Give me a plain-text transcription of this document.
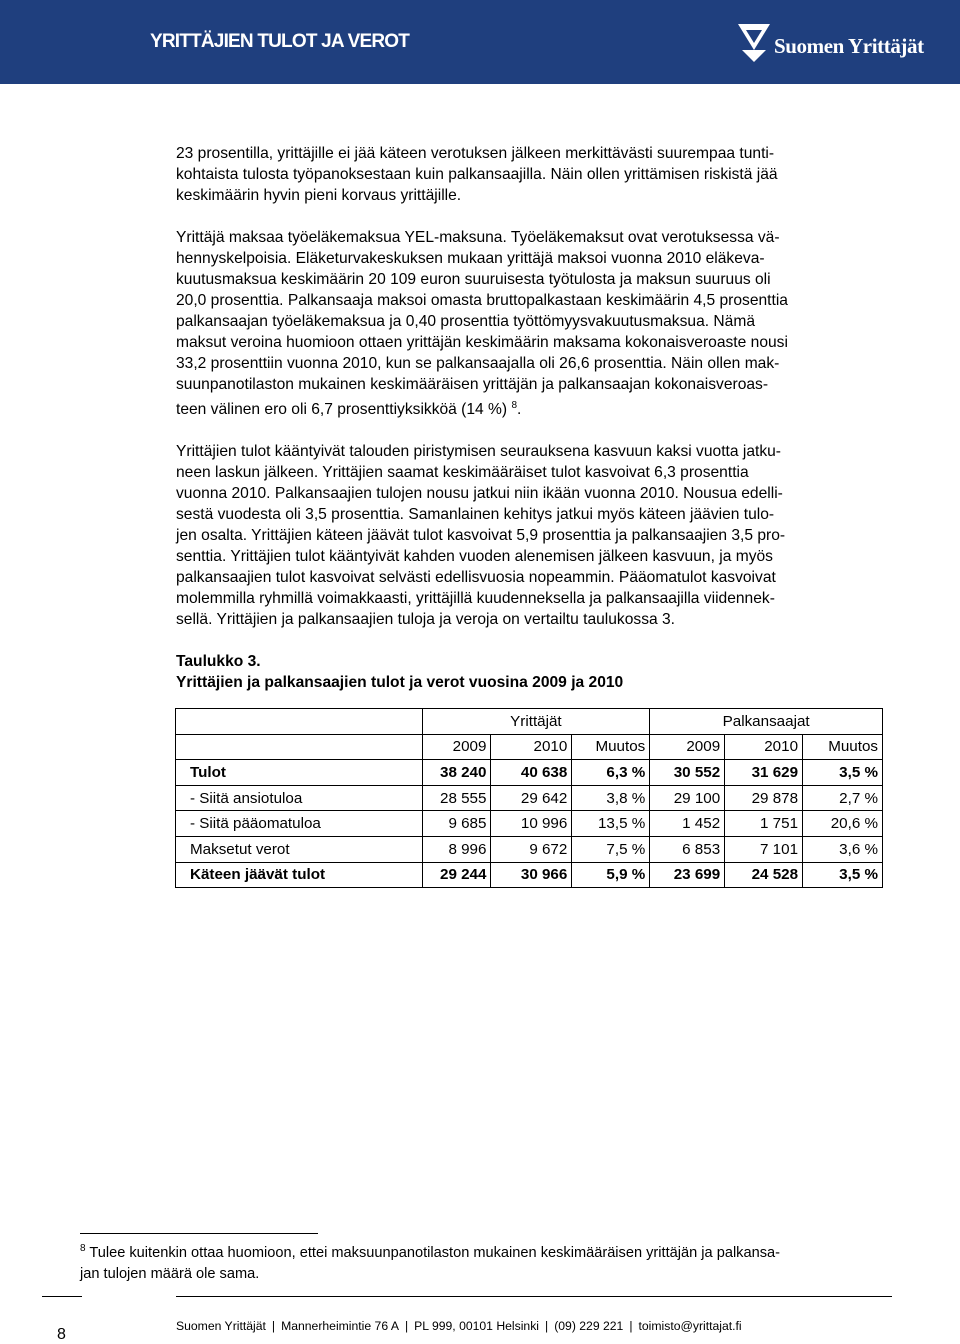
YRITTÄJIEN TULOT JA VEROT	Suomen Yrittäjät

23 prosentilla, yrittäjille ei jää käteen verotuksen jälkeen merkittävästi suurempaa tunti-
kohtaista tulosta työpanoksestaan kuin palkansaajilla. Näin ollen yrittämisen riskistä jää
keskimäärin hyvin pieni korvaus yrittäjille.

Yrittäjä maksaa työeläkemaksua YEL-maksuna. Työeläkemaksut ovat verotuksessa vä-
hennyskelpoisia. Eläketurvakeskuksen mukaan yrittäjä maksoi vuonna 2010 eläkeva-
kuutusmaksua keskimäärin 20 109 euron suuruisesta työtulosta ja maksun suuruus oli
20,0 prosenttia. Palkansaaja maksoi omasta bruttopalkastaan keskimäärin 4,5 prosenttia
palkansaajan työeläkemaksua ja 0,40 prosenttia työttömyysvakuutusmaksua. Nämä
maksut veroina huomioon ottaen yrittäjän keskimäärin maksama kokonaisveroaste nousi
33,2 prosenttiin vuonna 2010, kun se palkansaajalla oli 26,6 prosenttia. Näin ollen mak-
suunpanotilaston mukainen keskimääräisen yrittäjän ja palkansaajan kokonaisveroas-
teen välinen ero oli 6,7 prosenttiyksikköä (14 %) $^8$.

Yrittäjien tulot kääntyivät talouden piristymisen seurauksena kasvuun kaksi vuotta jatku-
neen laskun jälkeen. Yrittäjien saamat keskimääräiset tulot kasvoivat 6,3 prosenttia
vuonna 2010. Palkansaajien tulojen nousu jatkui niin ikään vuonna 2010. Nousua edelli-
sestä vuodesta oli 3,5 prosenttia. Samanlainen kehitys jatkui myös käteen jäävien tulo-
jen osalta. Yrittäjien käteen jäävät tulot kasvoivat 5,9 prosenttia ja palkansaajien 3,5 pro-
senttia. Yrittäjien tulot kääntyivät kahden vuoden alenemisen jälkeen kasvuun, ja myös
palkansaajien tulot kasvoivat selvästi edellisvuosia nopeammin. Pääomatulot kasvoivat
molemmilla ryhmillä voimakkaasti, yrittäjillä kuudenneksella ja palkansaajilla viidennek-
sellä. Yrittäjien ja palkansaajien tuloja ja veroja on vertailtu taulukossa 3.

Taulukko 3.

Yrittäjien ja palkansaajien tulot ja verot vuosina 2009 ja 2010

	Yrittäjät			Palkansaajat		
	2009	2010	Muutos	2009	2010	Muutos
Tulot	38 240	40 638	6,3 %	30 552	31 629	3,5 %
- Siitä ansiotuloa	28 555	29 642	3,8 %	29 100	29 878	2,7 %
- Siitä pääomatuloa	9 685	10 996	13,5 %	1 452	1 751	20,6 %
Maksetut verot	8 996	9 672	7,5 %	6 853	7 101	3,6 %
Käteen jäävät tulot	29 244	30 966	5,9 %	23 699	24 528	3,5 %
$^8$ Tulee kuitenkin ottaa huomioon, ettei maksuunpanotilaston mukainen keskimääräisen yrittäjän ja palkansa-
jan tulojen määrä ole sama.
8	Suomen Yrittäjät | Mannerheimintie 76 A | PL 999, 00101 Helsinki | (09) 229 221 | toimisto@yrittajat.fi
